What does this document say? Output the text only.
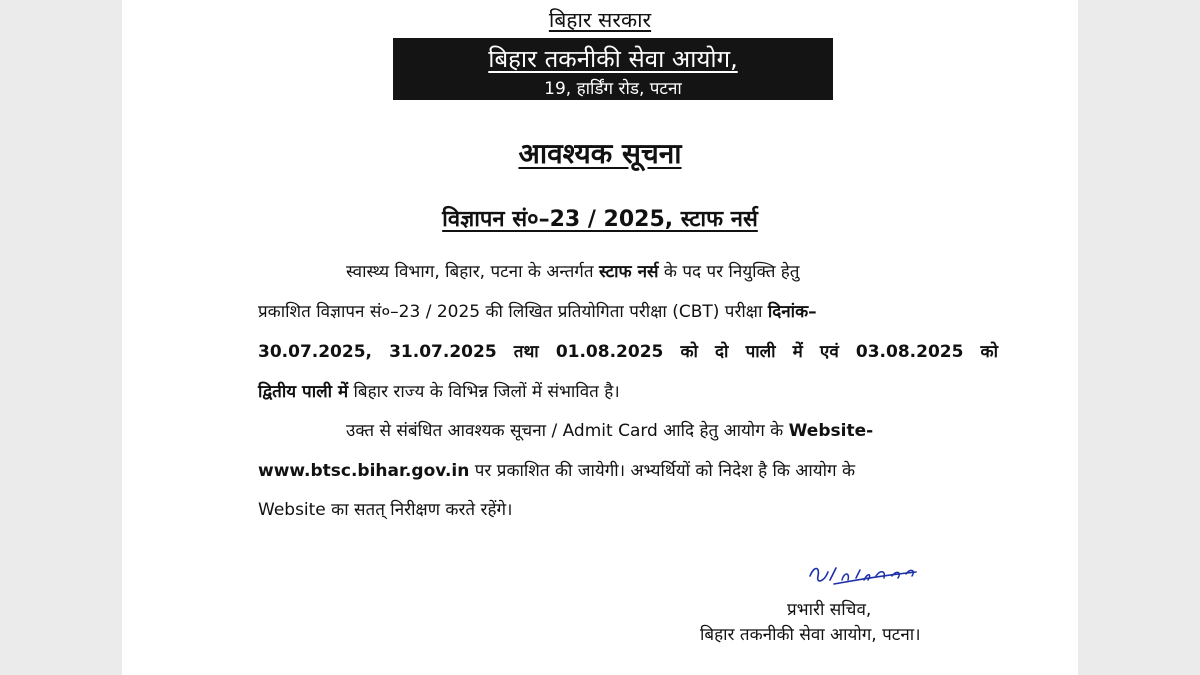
बिहार सरकार
बिहार तकनीकी सेवा आयोग,
19, हार्डिंग रोड, पटना
आवश्यक सूचना
विज्ञापन सं०–23 / 2025, स्टाफ नर्स
स्वास्थ्य विभाग, बिहार, पटना के अन्तर्गत स्टाफ नर्स के पद पर नियुक्ति हेतु
प्रकाशित विज्ञापन सं०–23 / 2025 की लिखित प्रतियोगिता परीक्षा (CBT) परीक्षा दिनांक–
30.07.2025, 31.07.2025 तथा 01.08.2025 को दो पाली में एवं 03.08.2025 को
द्वितीय पाली में बिहार राज्य के विभिन्न जिलों में संभावित है।
उक्त से संबंधित आवश्यक सूचना / Admit Card आदि हेतु आयोग के Website-
www.btsc.bihar.gov.in पर प्रकाशित की जायेगी। अभ्यर्थियों को निदेश है कि आयोग के
Website का सतत् निरीक्षण करते रहेंगे।
प्रभारी सचिव,
बिहार तकनीकी सेवा आयोग, पटना।
